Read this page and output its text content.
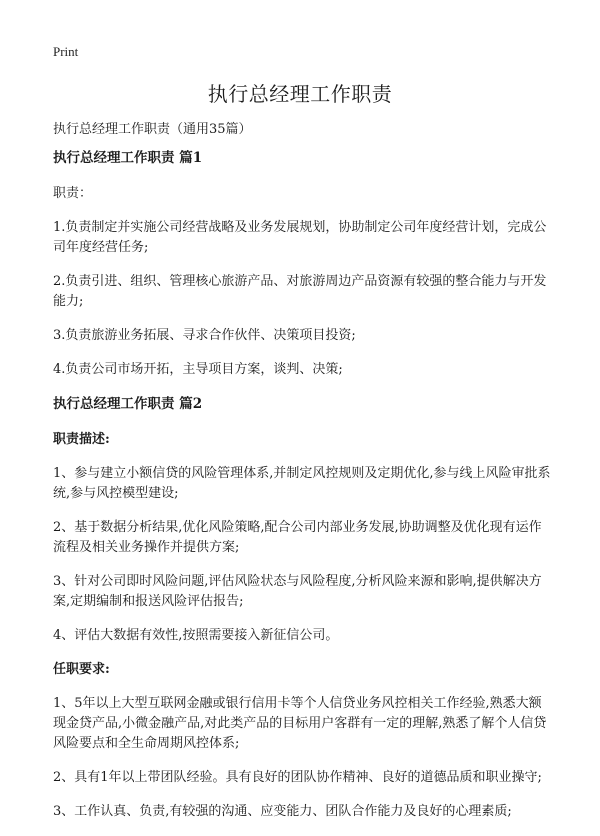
Print
执行总经理工作职责
执行总经理工作职责（通用35篇）

执行总经理工作职责 篇1

职责：

1.负责制定并实施公司经营战略及业务发展规划，协助制定公司年度经营计划，完成公司年度经营任务;

2.负责引进、组织、管理核心旅游产品、对旅游周边产品资源有较强的整合能力与开发能力;

3.负责旅游业务拓展、寻求合作伙伴、决策项目投资;

4.负责公司市场开拓，主导项目方案，谈判、决策;

执行总经理工作职责 篇2

职责描述:

1、参与建立小额信贷的风险管理体系,并制定风控规则及定期优化,参与线上风险审批系统,参与风控模型建设;

2、基于数据分析结果,优化风险策略,配合公司内部业务发展,协助调整及优化现有运作流程及相关业务操作并提供方案;

3、针对公司即时风险问题,评估风险状态与风险程度,分析风险来源和影响,提供解决方案,定期编制和报送风险评估报告;

4、评估大数据有效性,按照需要接入新征信公司。

任职要求:

1、5年以上大型互联网金融或银行信用卡等个人信贷业务风控相关工作经验,熟悉大额现金贷产品,小微金融产品,对此类产品的目标用户客群有一定的理解,熟悉了解个人信贷风险要点和全生命周期风控体系;

2、具有1年以上带团队经验。具有良好的团队协作精神、良好的道德品质和职业操守;

3、工作认真、负责,有较强的沟通、应变能力、团队合作能力及良好的心理素质;
